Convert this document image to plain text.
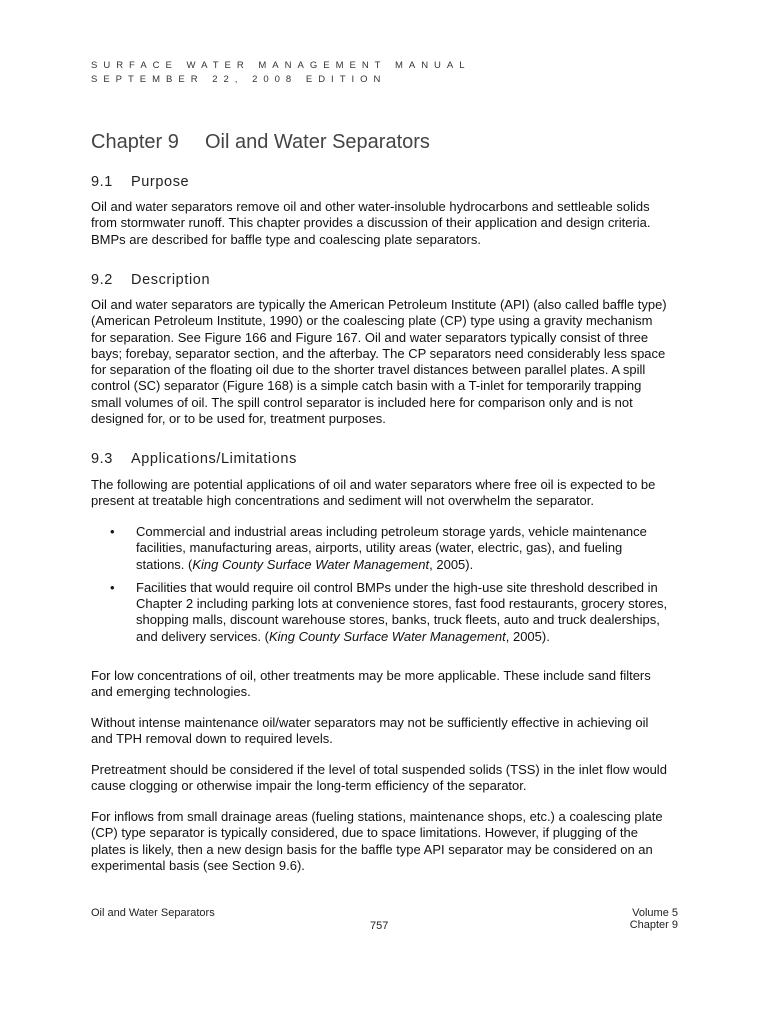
SURFACE WATER MANAGEMENT MANUAL
SEPTEMBER 22, 2008 EDITION
Chapter 9 Oil and Water Separators
9.1 Purpose

Oil and water separators remove oil and other water-insoluble hydrocarbons and settleable solids from stormwater runoff. This chapter provides a discussion of their application and design criteria. BMPs are described for baffle type and coalescing plate separators.

9.2 Description

Oil and water separators are typically the American Petroleum Institute (API) (also called baffle type) (American Petroleum Institute, 1990) or the coalescing plate (CP) type using a gravity mechanism for separation. See Figure 166 and Figure 167. Oil and water separators typically consist of three bays; forebay, separator section, and the afterbay. The CP separators need considerably less space for separation of the floating oil due to the shorter travel distances between parallel plates. A spill control (SC) separator (Figure 168) is a simple catch basin with a T-inlet for temporarily trapping small volumes of oil. The spill control separator is included here for comparison only and is not designed for, or to be used for, treatment purposes.

9.3 Applications/Limitations

The following are potential applications of oil and water separators where free oil is expected to be present at treatable high concentrations and sediment will not overwhelm the separator.

• Commercial and industrial areas including petroleum storage yards, vehicle maintenance facilities, manufacturing areas, airports, utility areas (water, electric, gas), and fueling stations. (King County Surface Water Management, 2005).
• Facilities that would require oil control BMPs under the high-use site threshold described in Chapter 2 including parking lots at convenience stores, fast food restaurants, grocery stores, shopping malls, discount warehouse stores, banks, truck fleets, auto and truck dealerships, and delivery services. (King County Surface Water Management, 2005).

For low concentrations of oil, other treatments may be more applicable. These include sand filters and emerging technologies.

Without intense maintenance oil/water separators may not be sufficiently effective in achieving oil and TPH removal down to required levels.

Pretreatment should be considered if the level of total suspended solids (TSS) in the inlet flow would cause clogging or otherwise impair the long-term efficiency of the separator.

For inflows from small drainage areas (fueling stations, maintenance shops, etc.) a coalescing plate (CP) type separator is typically considered, due to space limitations. However, if plugging of the plates is likely, then a new design basis for the baffle type API separator may be considered on an experimental basis (see Section 9.6).

Oil and Water Separators
757
Volume 5
Chapter 9
